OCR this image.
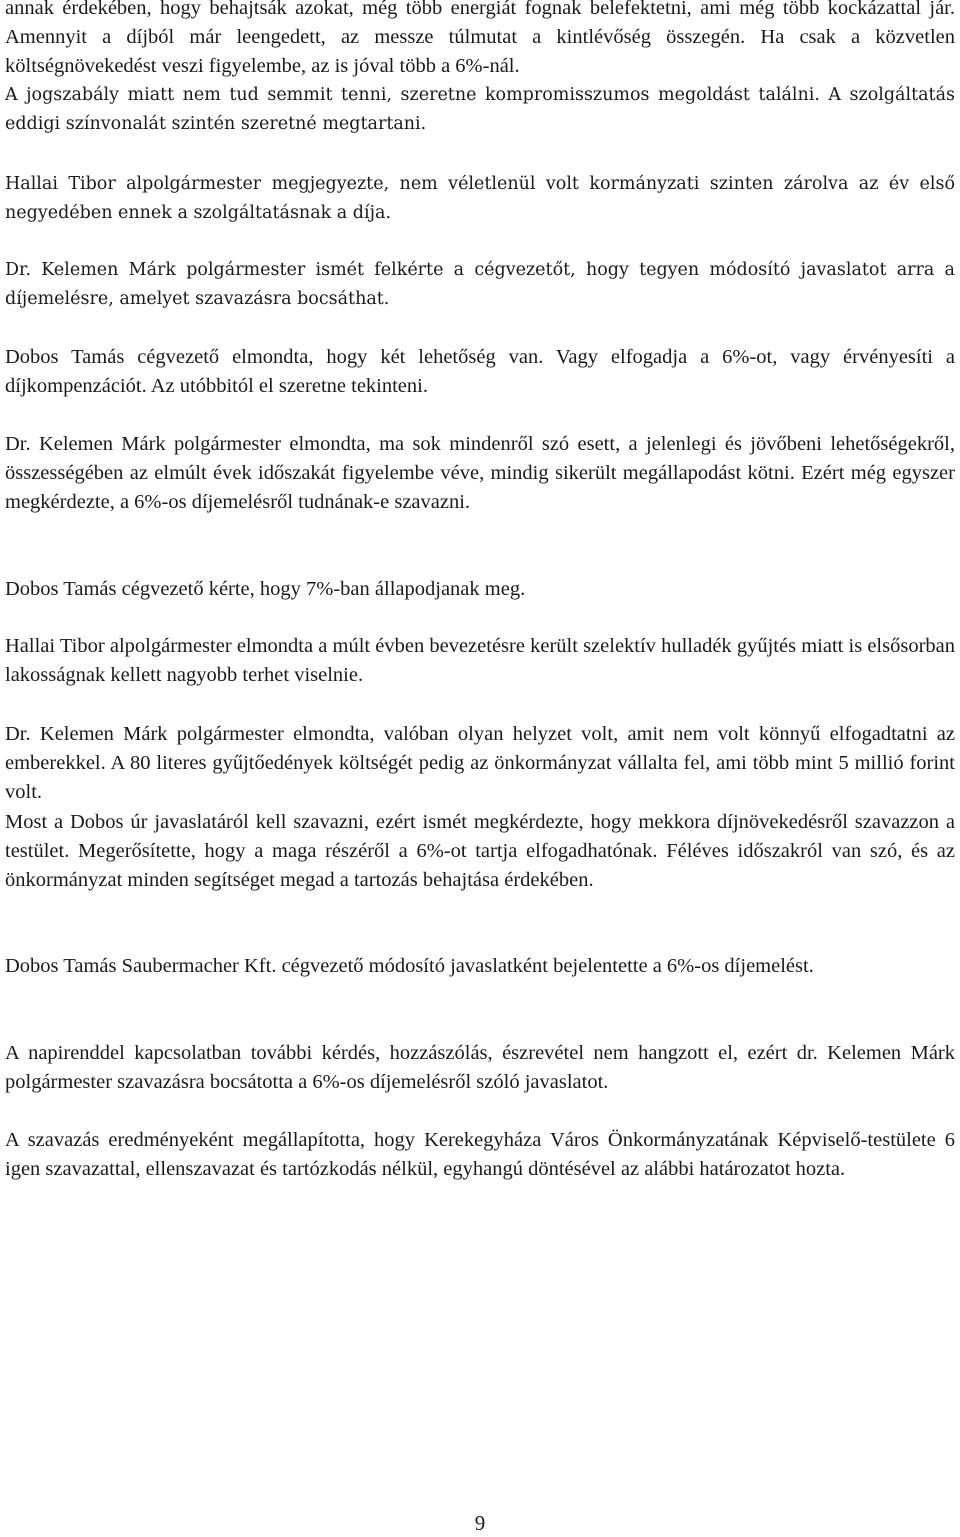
annak érdekében, hogy behajtsák azokat, még több energiát fognak belefektetni, ami még több kockázattal jár. Amennyit a díjból már leengedett, az messze túlmutat a kintlévőség összegén. Ha csak a közvetlen költségnövekedést veszi figyelembe, az is jóval több a 6%-nál.

A jogszabály miatt nem tud semmit tenni, szeretne kompromisszumos megoldást találni. A szolgáltatás eddigi színvonalát szintén szeretné megtartani.

Hallai Tibor alpolgármester megjegyezte, nem véletlenül volt kormányzati szinten zárolva az év első negyedében ennek a szolgáltatásnak a díja.

Dr. Kelemen Márk polgármester ismét felkérte a cégvezetőt, hogy tegyen módosító javaslatot arra a díjemelésre, amelyet szavazásra bocsáthat.

Dobos Tamás cégvezető elmondta, hogy két lehetőség van. Vagy elfogadja a 6%-ot, vagy érvényesíti a díjkompenzációt. Az utóbbitól el szeretne tekinteni.

Dr. Kelemen Márk polgármester elmondta, ma sok mindenről szó esett, a jelenlegi és jövőbeni lehetőségekről, összességében az elmúlt évek időszakát figyelembe véve, mindig sikerült megállapodást kötni. Ezért még egyszer megkérdezte, a 6%-os díjemelésről tudnának-e szavazni.

Dobos Tamás cégvezető kérte, hogy 7%-ban állapodjanak meg.

Hallai Tibor alpolgármester elmondta a múlt évben bevezetésre került szelektív hulladék gyűjtés miatt is elsősorban lakosságnak kellett nagyobb terhet viselnie.

Dr. Kelemen Márk polgármester elmondta, valóban olyan helyzet volt, amit nem volt könnyű elfogadtatni az emberekkel. A 80 literes gyűjtőedények költségét pedig az önkormányzat vállalta fel, ami több mint 5 millió forint volt.

Most a Dobos úr javaslatáról kell szavazni, ezért ismét megkérdezte, hogy mekkora díjnövekedésről szavazzon a testület. Megerősítette, hogy a maga részéről a 6%-ot tartja elfogadhatónak. Féléves időszakról van szó, és az önkormányzat minden segítséget megad a tartozás behajtása érdekében.

Dobos Tamás Saubermacher Kft. cégvezető módosító javaslatként bejelentette a 6%-os díjemelést.

A napirenddel kapcsolatban további kérdés, hozzászólás, észrevétel nem hangzott el, ezért dr. Kelemen Márk polgármester szavazásra bocsátotta a 6%-os díjemelésről szóló javaslatot.

A szavazás eredményeként megállapította, hogy Kerekegyháza Város Önkormányzatának Képviselő-testülete 6 igen szavazattal, ellenszavazat és tartózkodás nélkül, egyhangú döntésével az alábbi határozatot hozta.

9
